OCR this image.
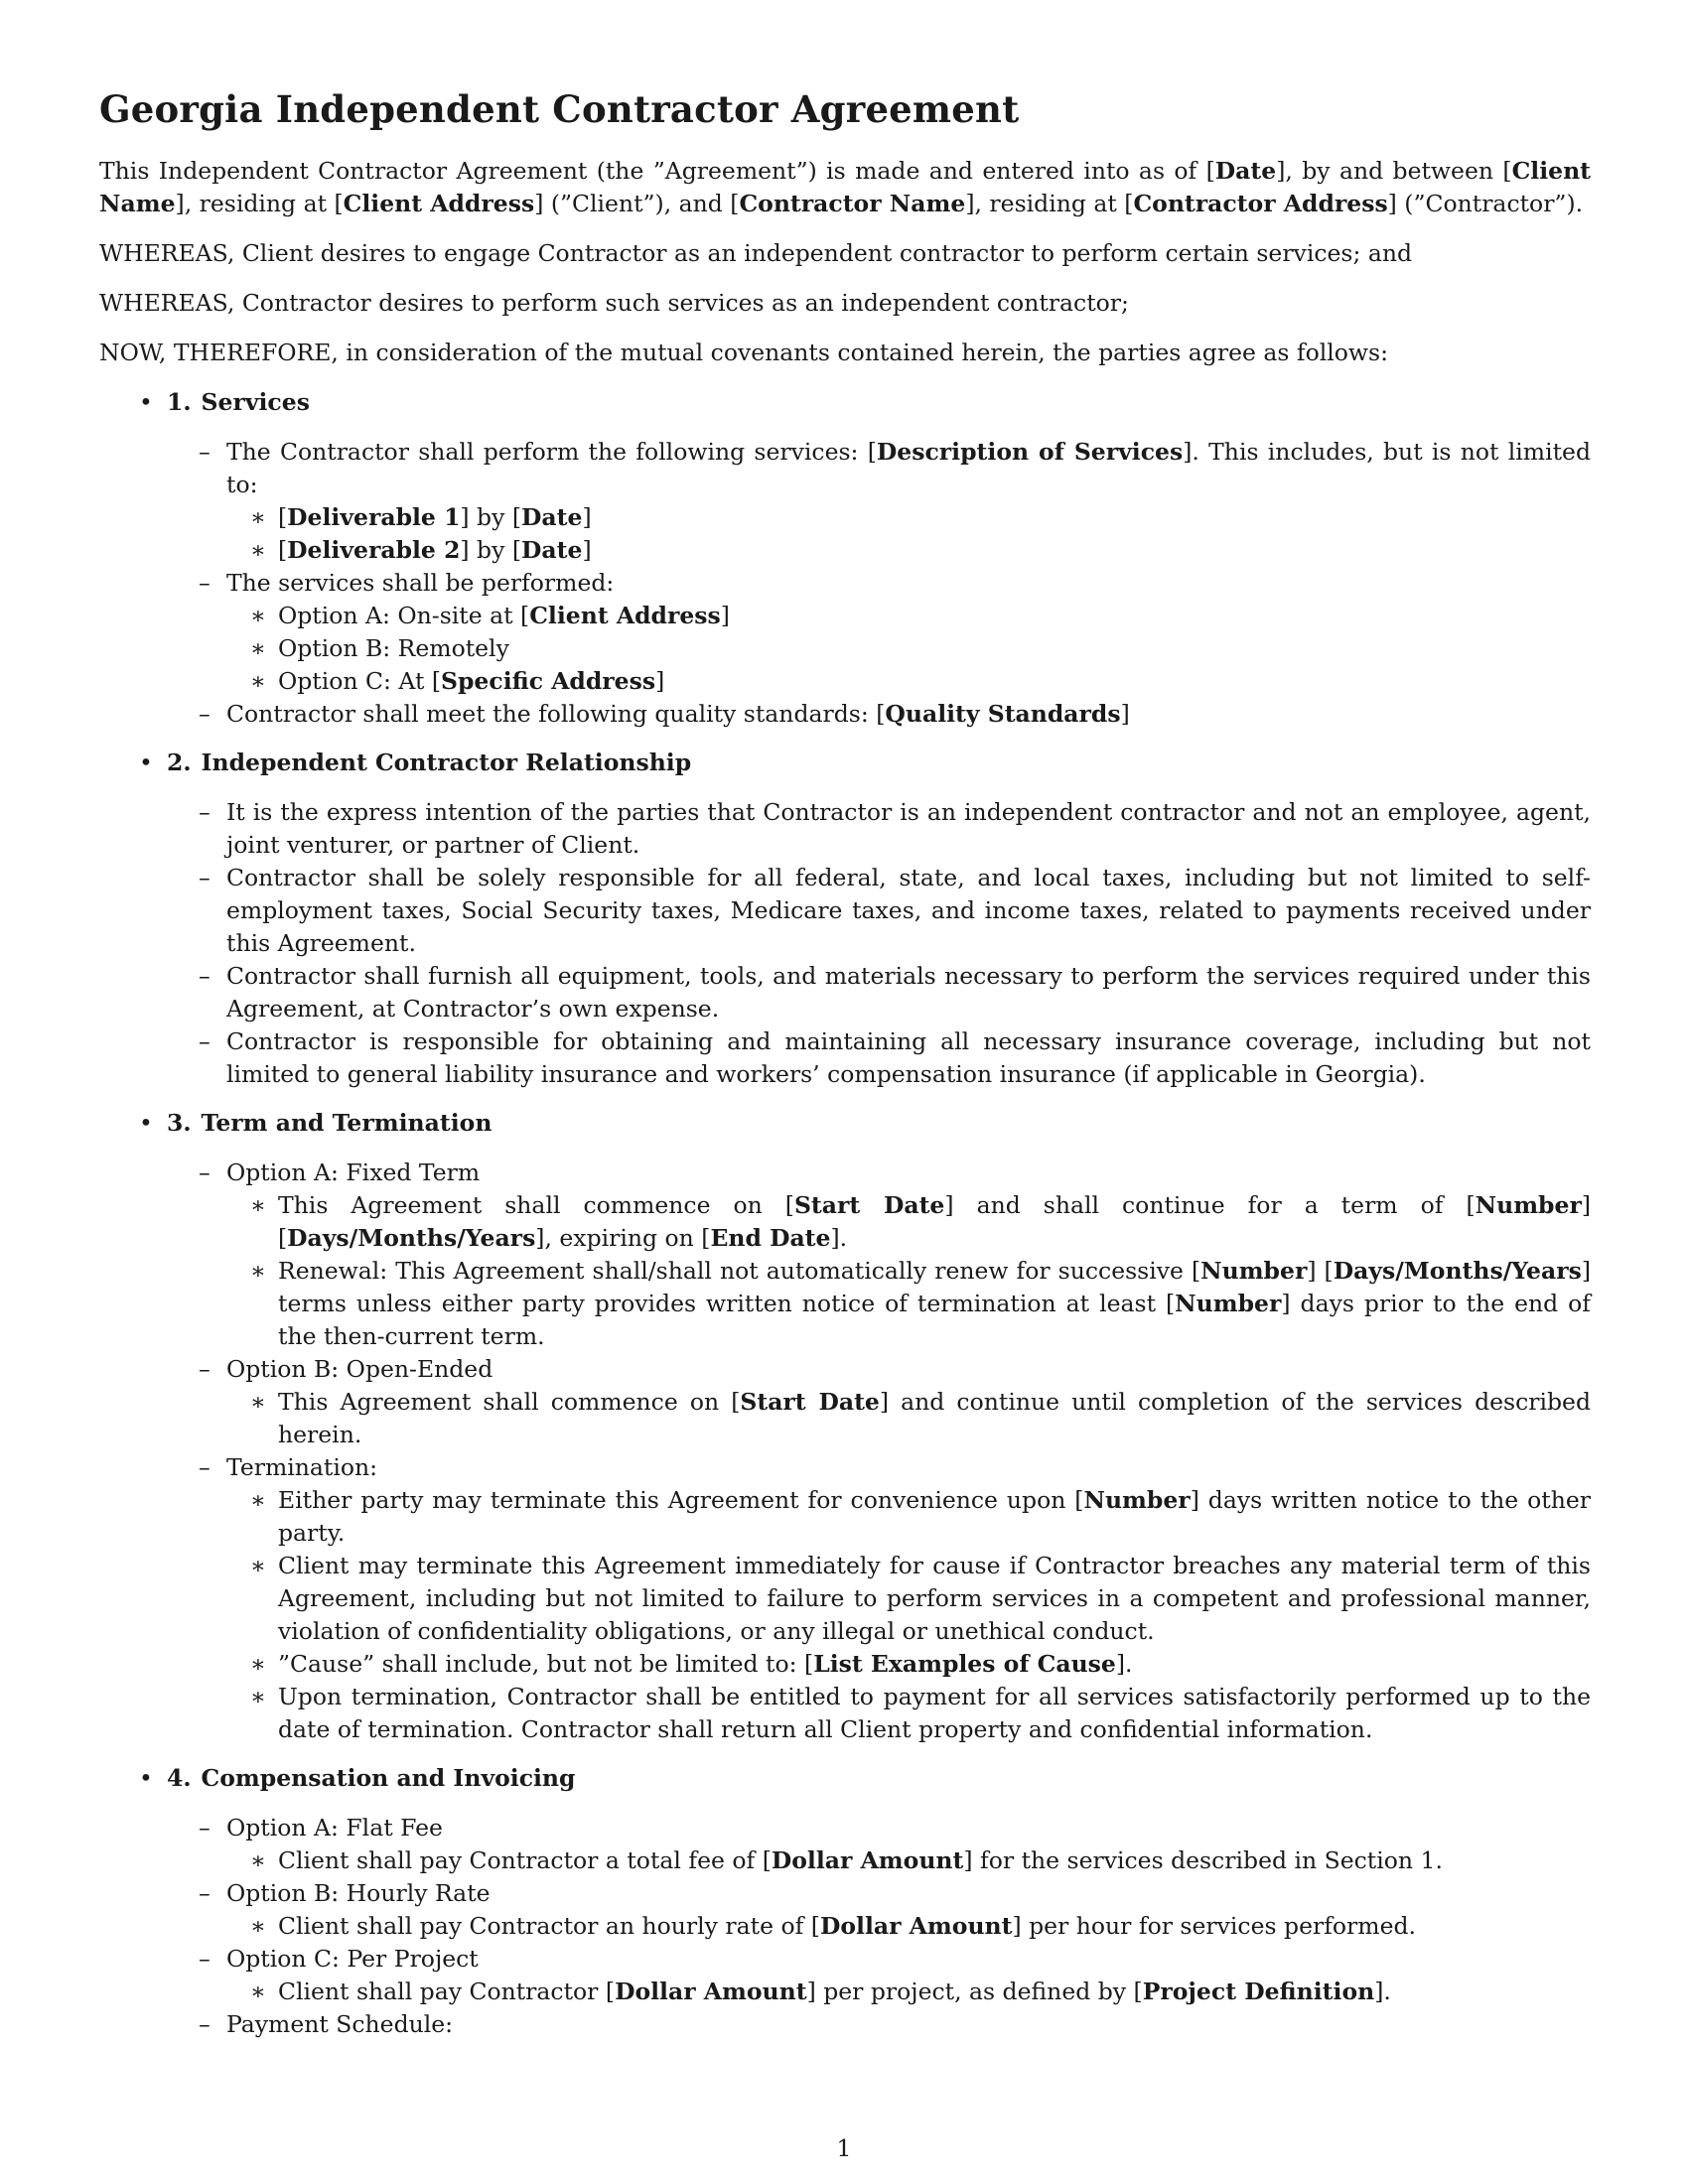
Georgia Independent Contractor Agreement

This Independent Contractor Agreement (the ”Agreement”) is made and entered into as of [Date], by and between [Client Name], residing at [Client Address] (”Client”), and [Contractor Name], residing at [Contractor Address] (”Contractor”).

WHEREAS, Client desires to engage Contractor as an independent contractor to perform certain services; and

WHEREAS, Contractor desires to perform such services as an independent contractor;

NOW, THEREFORE, in consideration of the mutual covenants contained herein, the parties agree as follows:

• 1. Services
– The Contractor shall perform the following services: [Description of Services]. This includes, but is not limited to:
∗ [Deliverable 1] by [Date]
∗ [Deliverable 2] by [Date]
– The services shall be performed:
∗ Option A: On-site at [Client Address]
∗ Option B: Remotely
∗ Option C: At [Specific Address]
– Contractor shall meet the following quality standards: [Quality Standards]
• 2. Independent Contractor Relationship
– It is the express intention of the parties that Contractor is an independent contractor and not an employee, agent, joint venturer, or partner of Client.
– Contractor shall be solely responsible for all federal, state, and local taxes, including but not limited to self-employment taxes, Social Security taxes, Medicare taxes, and income taxes, related to payments received under this Agreement.
– Contractor shall furnish all equipment, tools, and materials necessary to perform the services required under this Agreement, at Contractor’s own expense.
– Contractor is responsible for obtaining and maintaining all necessary insurance coverage, including but not limited to general liability insurance and workers’ compensation insurance (if applicable in Georgia).
• 3. Term and Termination
– Option A: Fixed Term
∗ This Agreement shall commence on [Start Date] and shall continue for a term of [Number] [Days/Months/Years], expiring on [End Date].
∗ Renewal: This Agreement shall/shall not automatically renew for successive [Number] [Days/Months/Years] terms unless either party provides written notice of termination at least [Number] days prior to the end of the then-current term.
– Option B: Open-Ended
∗ This Agreement shall commence on [Start Date] and continue until completion of the services described herein.
– Termination:
∗ Either party may terminate this Agreement for convenience upon [Number] days written notice to the other party.
∗ Client may terminate this Agreement immediately for cause if Contractor breaches any material term of this Agreement, including but not limited to failure to perform services in a competent and professional manner, violation of confidentiality obligations, or any illegal or unethical conduct.
∗ ”Cause” shall include, but not be limited to: [List Examples of Cause].
∗ Upon termination, Contractor shall be entitled to payment for all services satisfactorily performed up to the date of termination. Contractor shall return all Client property and confidential information.
• 4. Compensation and Invoicing
– Option A: Flat Fee
∗ Client shall pay Contractor a total fee of [Dollar Amount] for the services described in Section 1.
– Option B: Hourly Rate
∗ Client shall pay Contractor an hourly rate of [Dollar Amount] per hour for services performed.
– Option C: Per Project
∗ Client shall pay Contractor [Dollar Amount] per project, as defined by [Project Definition].
– Payment Schedule:
1
